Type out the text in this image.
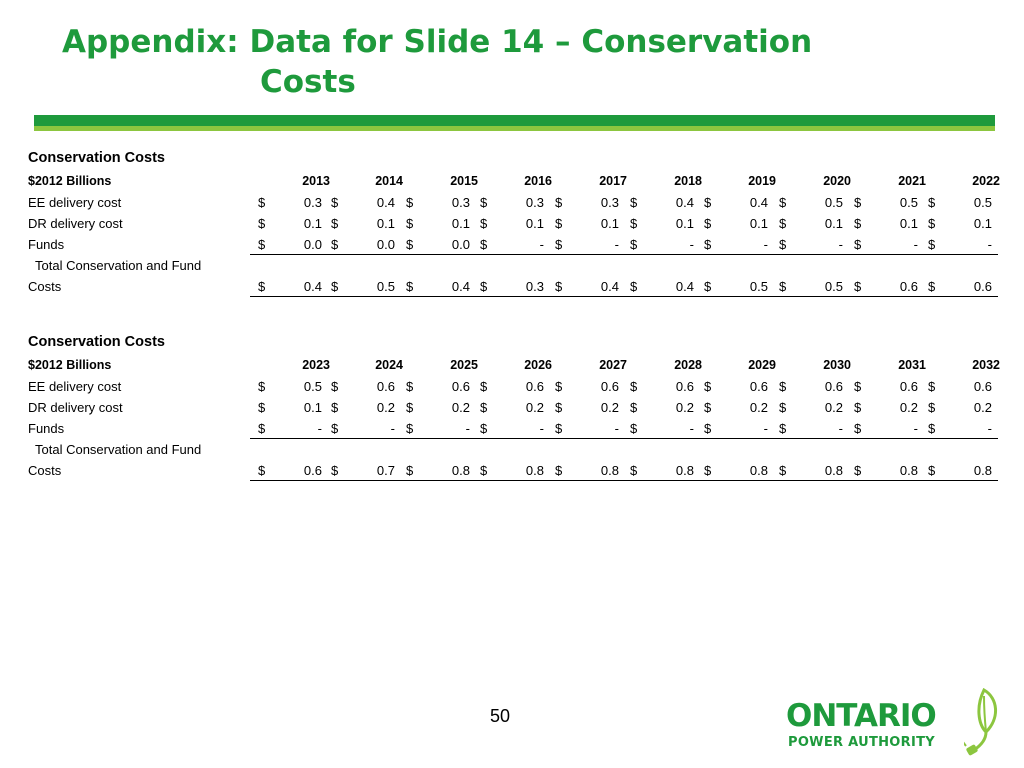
Appendix: Data for Slide 14 – Conservation
Costs
Conservation Costs
$2012 Billions	2013	2014	2015	2016	2017	2018	2019	2020	2021	2022
EE delivery cost	$	0.3 $	0.4 $	0.3 $	0.3 $	0.3 $	0.4 $	0.4 $	0.5 $	0.5 $	0.5
DR delivery cost	$	0.1 $	0.1 $	0.1 $	0.1 $	0.1 $	0.1 $	0.1 $	0.1 $	0.1 $	0.1
Funds	$	0.0 $	0.0 $	0.0 $	- $	- $	- $	- $	- $	- $	-
Total Conservation and Fund
Costs	$	0.4 $	0.5 $	0.4 $	0.3 $	0.4 $	0.4 $	0.5 $	0.5 $	0.6 $	0.6
Conservation Costs
$2012 Billions	2023	2024	2025	2026	2027	2028	2029	2030	2031	2032
EE delivery cost	$	0.5 $	0.6 $	0.6 $	0.6 $	0.6 $	0.6 $	0.6 $	0.6 $	0.6 $	0.6
DR delivery cost	$	0.1 $	0.2 $	0.2 $	0.2 $	0.2 $	0.2 $	0.2 $	0.2 $	0.2 $	0.2
Funds	$	- $	- $	- $	- $	- $	- $	- $	- $	- $	-
Total Conservation and Fund
Costs	$	0.6 $	0.7 $	0.8 $	0.8 $	0.8 $	0.8 $	0.8 $	0.8 $	0.8 $	0.8
50	ONTARIO
POWER AUTHORITY
